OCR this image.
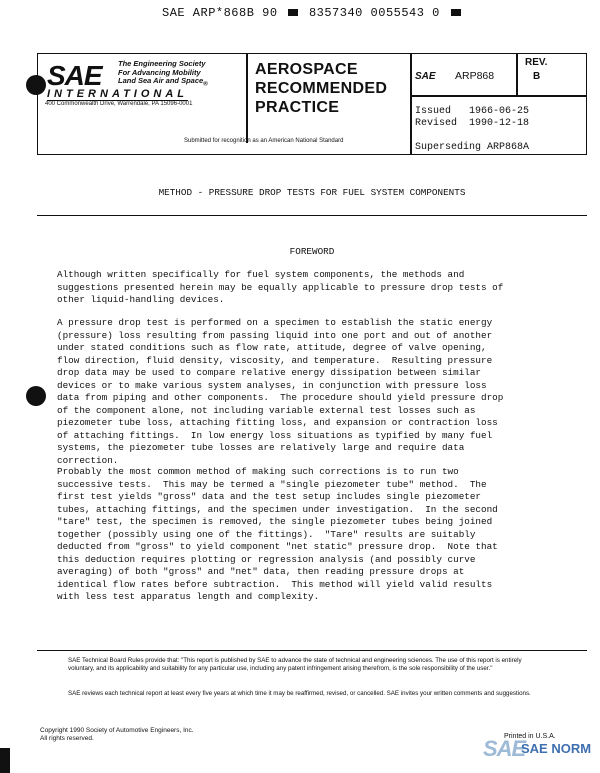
SAE ARP*868B 90	8357340 0055543 0
SAE The Engineering Society
For Advancing Mobility
Land Sea Air and Space$_®$
INTERNATIONAL
400 Commonwealth Drive, Warrendale, PA 15096-0001
AEROSPACE
RECOMMENDED
PRACTICE
Submitted for recognition as an American National Standard
SAE ARP868
REV.
B
Issued   1966-06-25
Revised  1990-12-18
Superseding ARP868A
METHOD - PRESSURE DROP TESTS FOR FUEL SYSTEM COMPONENTS
FOREWORD
Although written specifically for fuel system components, the methods and
suggestions presented herein may be equally applicable to pressure drop tests of
other liquid-handling devices.
A pressure drop test is performed on a specimen to establish the static energy
(pressure) loss resulting from passing liquid into one port and out of another
under stated conditions such as flow rate, attitude, degree of valve opening,
flow direction, fluid density, viscosity, and temperature.  Resulting pressure
drop data may be used to compare relative energy dissipation between similar
devices or to make various system analyses, in conjunction with pressure loss
data from piping and other components.  The procedure should yield pressure drop
of the component alone, not including variable external test losses such as
piezometer tube loss, attaching fitting loss, and expansion or contraction loss
of attaching fittings.  In low energy loss situations as typified by many fuel
systems, the piezometer tube losses are relatively large and require data
correction.
Probably the most common method of making such corrections is to run two
successive tests.  This may be termed a "single piezometer tube" method.  The
first test yields "gross" data and the test setup includes single piezometer
tubes, attaching fittings, and the specimen under investigation.  In the second
"tare" test, the specimen is removed, the single piezometer tubes being joined
together (possibly using one of the fittings).  "Tare" results are suitably
deducted from "gross" to yield component "net static" pressure drop.  Note that
this deduction requires plotting or regression analysis (and possibly curve
averaging) of both "gross" and "net" data, then reading pressure drops at
identical flow rates before subtraction.  This method will yield valid results
with less test apparatus length and complexity.
SAE Technical Board Rules provide that: "This report is published by SAE to advance the state of technical and engineering sciences. The use of this report is entirely voluntary, and its applicability and suitability for any particular use, including any patent infringement arising therefrom, is the sole responsibility of the user."
SAE reviews each technical report at least every five years at which time it may be reaffirmed, revised, or cancelled. SAE invites your written comments and suggestions.
Copyright 1990 Society of Automotive Engineers, Inc.
All rights reserved.	Printed in U.S.A.
SAE
SAE NORM
